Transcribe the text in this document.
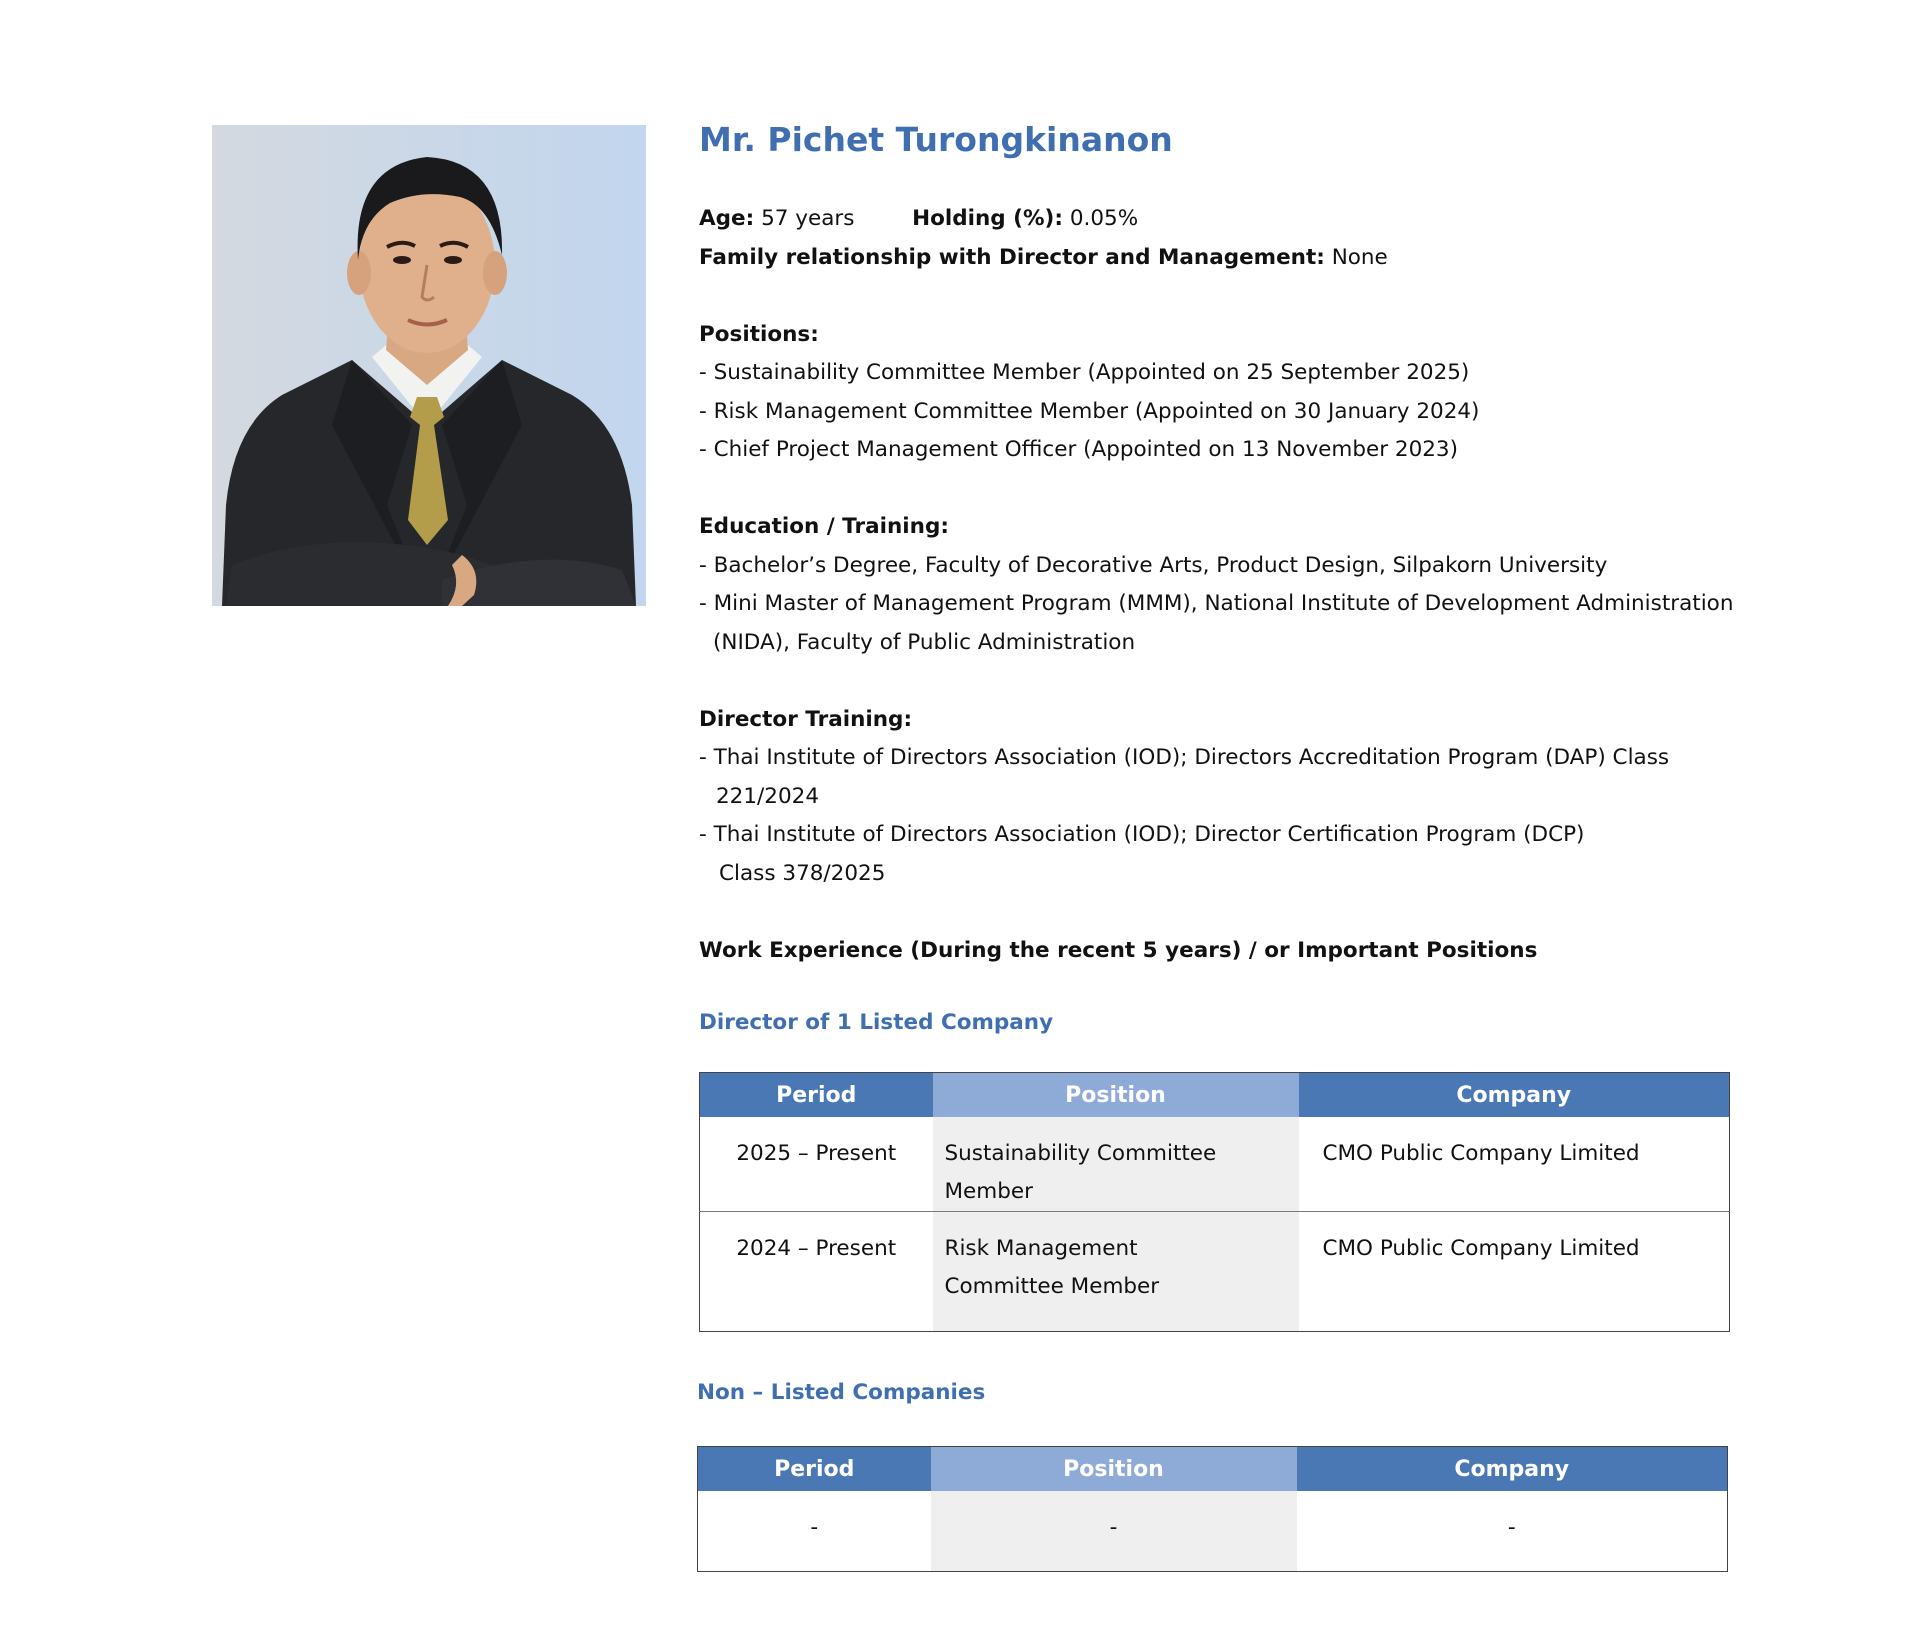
Mr. Pichet Turongkinanon
Age: 57 years	Holding (%): 0.05%
Family relationship with Director and Management: None
Positions:
- Sustainability Committee Member (Appointed on 25 September 2025)
- Risk Management Committee Member (Appointed on 30 January 2024)
- Chief Project Management Officer (Appointed on 13 November 2023)
Education / Training:
- Bachelor’s Degree, Faculty of Decorative Arts, Product Design, Silpakorn University
- Mini Master of Management Program (MMM), National Institute of Development Administration
(NIDA), Faculty of Public Administration
Director Training:
- Thai Institute of Directors Association (IOD); Directors Accreditation Program (DAP) Class
221/2024
- Thai Institute of Directors Association (IOD); Director Certification Program (DCP)
Class 378/2025
Work Experience (During the recent 5 years) / or Important Positions
Director of 1 Listed Company
Period	Position	Company
2025 – Present	Sustainability Committee Member	CMO Public Company Limited
2024 – Present	Risk Management Committee Member	CMO Public Company Limited
Non – Listed Companies
Period	Position	Company
-	-	-
